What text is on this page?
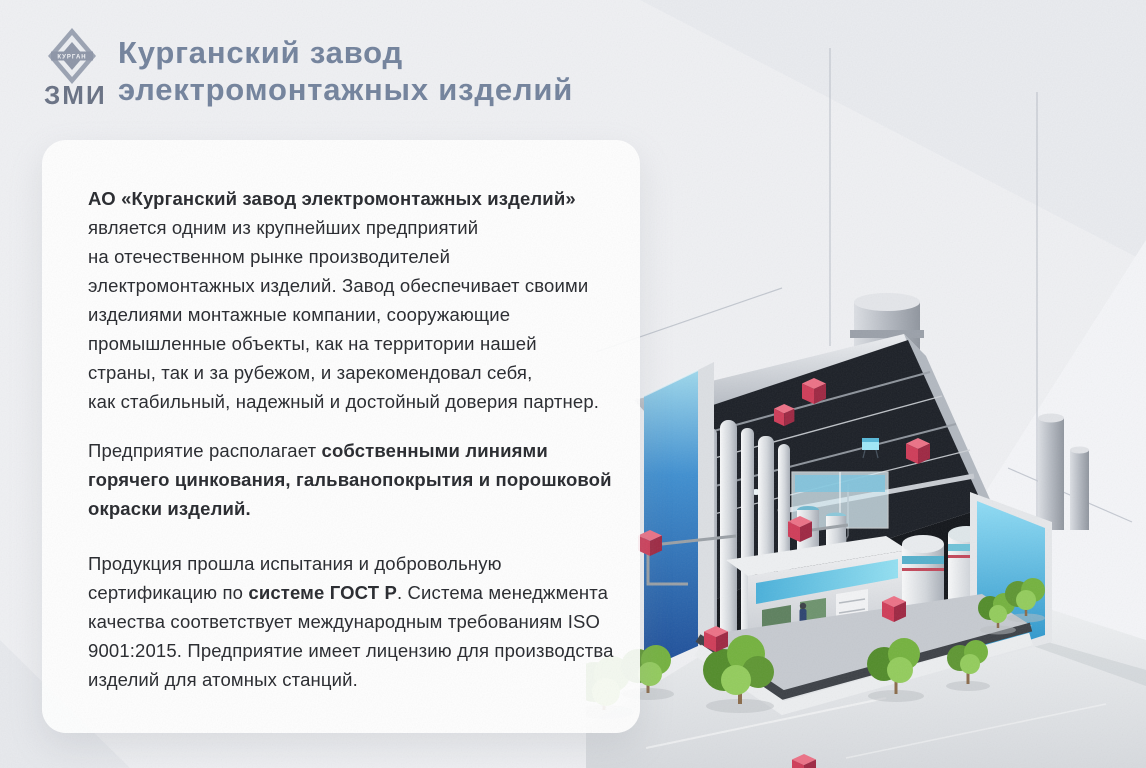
КУРГАН
ЗМИ
Курганский завод
электромонтажных изделий

АО «Курганский завод электромонтажных изделий» является одним из крупнейших предприятий на отечественном рынке производителей электромонтажных изделий. Завод обеспечивает своими изделиями монтажные компании, сооружающие промышленные объекты, как на территории нашей страны, так и за рубежом, и зарекомендовал себя, как стабильный, надежный и достойный доверия партнер.

Предприятие располагает собственными линиями горячего цинкования, гальванопокрытия и порошковой окраски изделий.

Продукция прошла испытания и добровольную сертификацию по системе ГОСТ Р. Система менеджмента качества соответствует международным требованиям ISO 9001:2015. Предприятие имеет лицензию для производства изделий для атомных станций.
